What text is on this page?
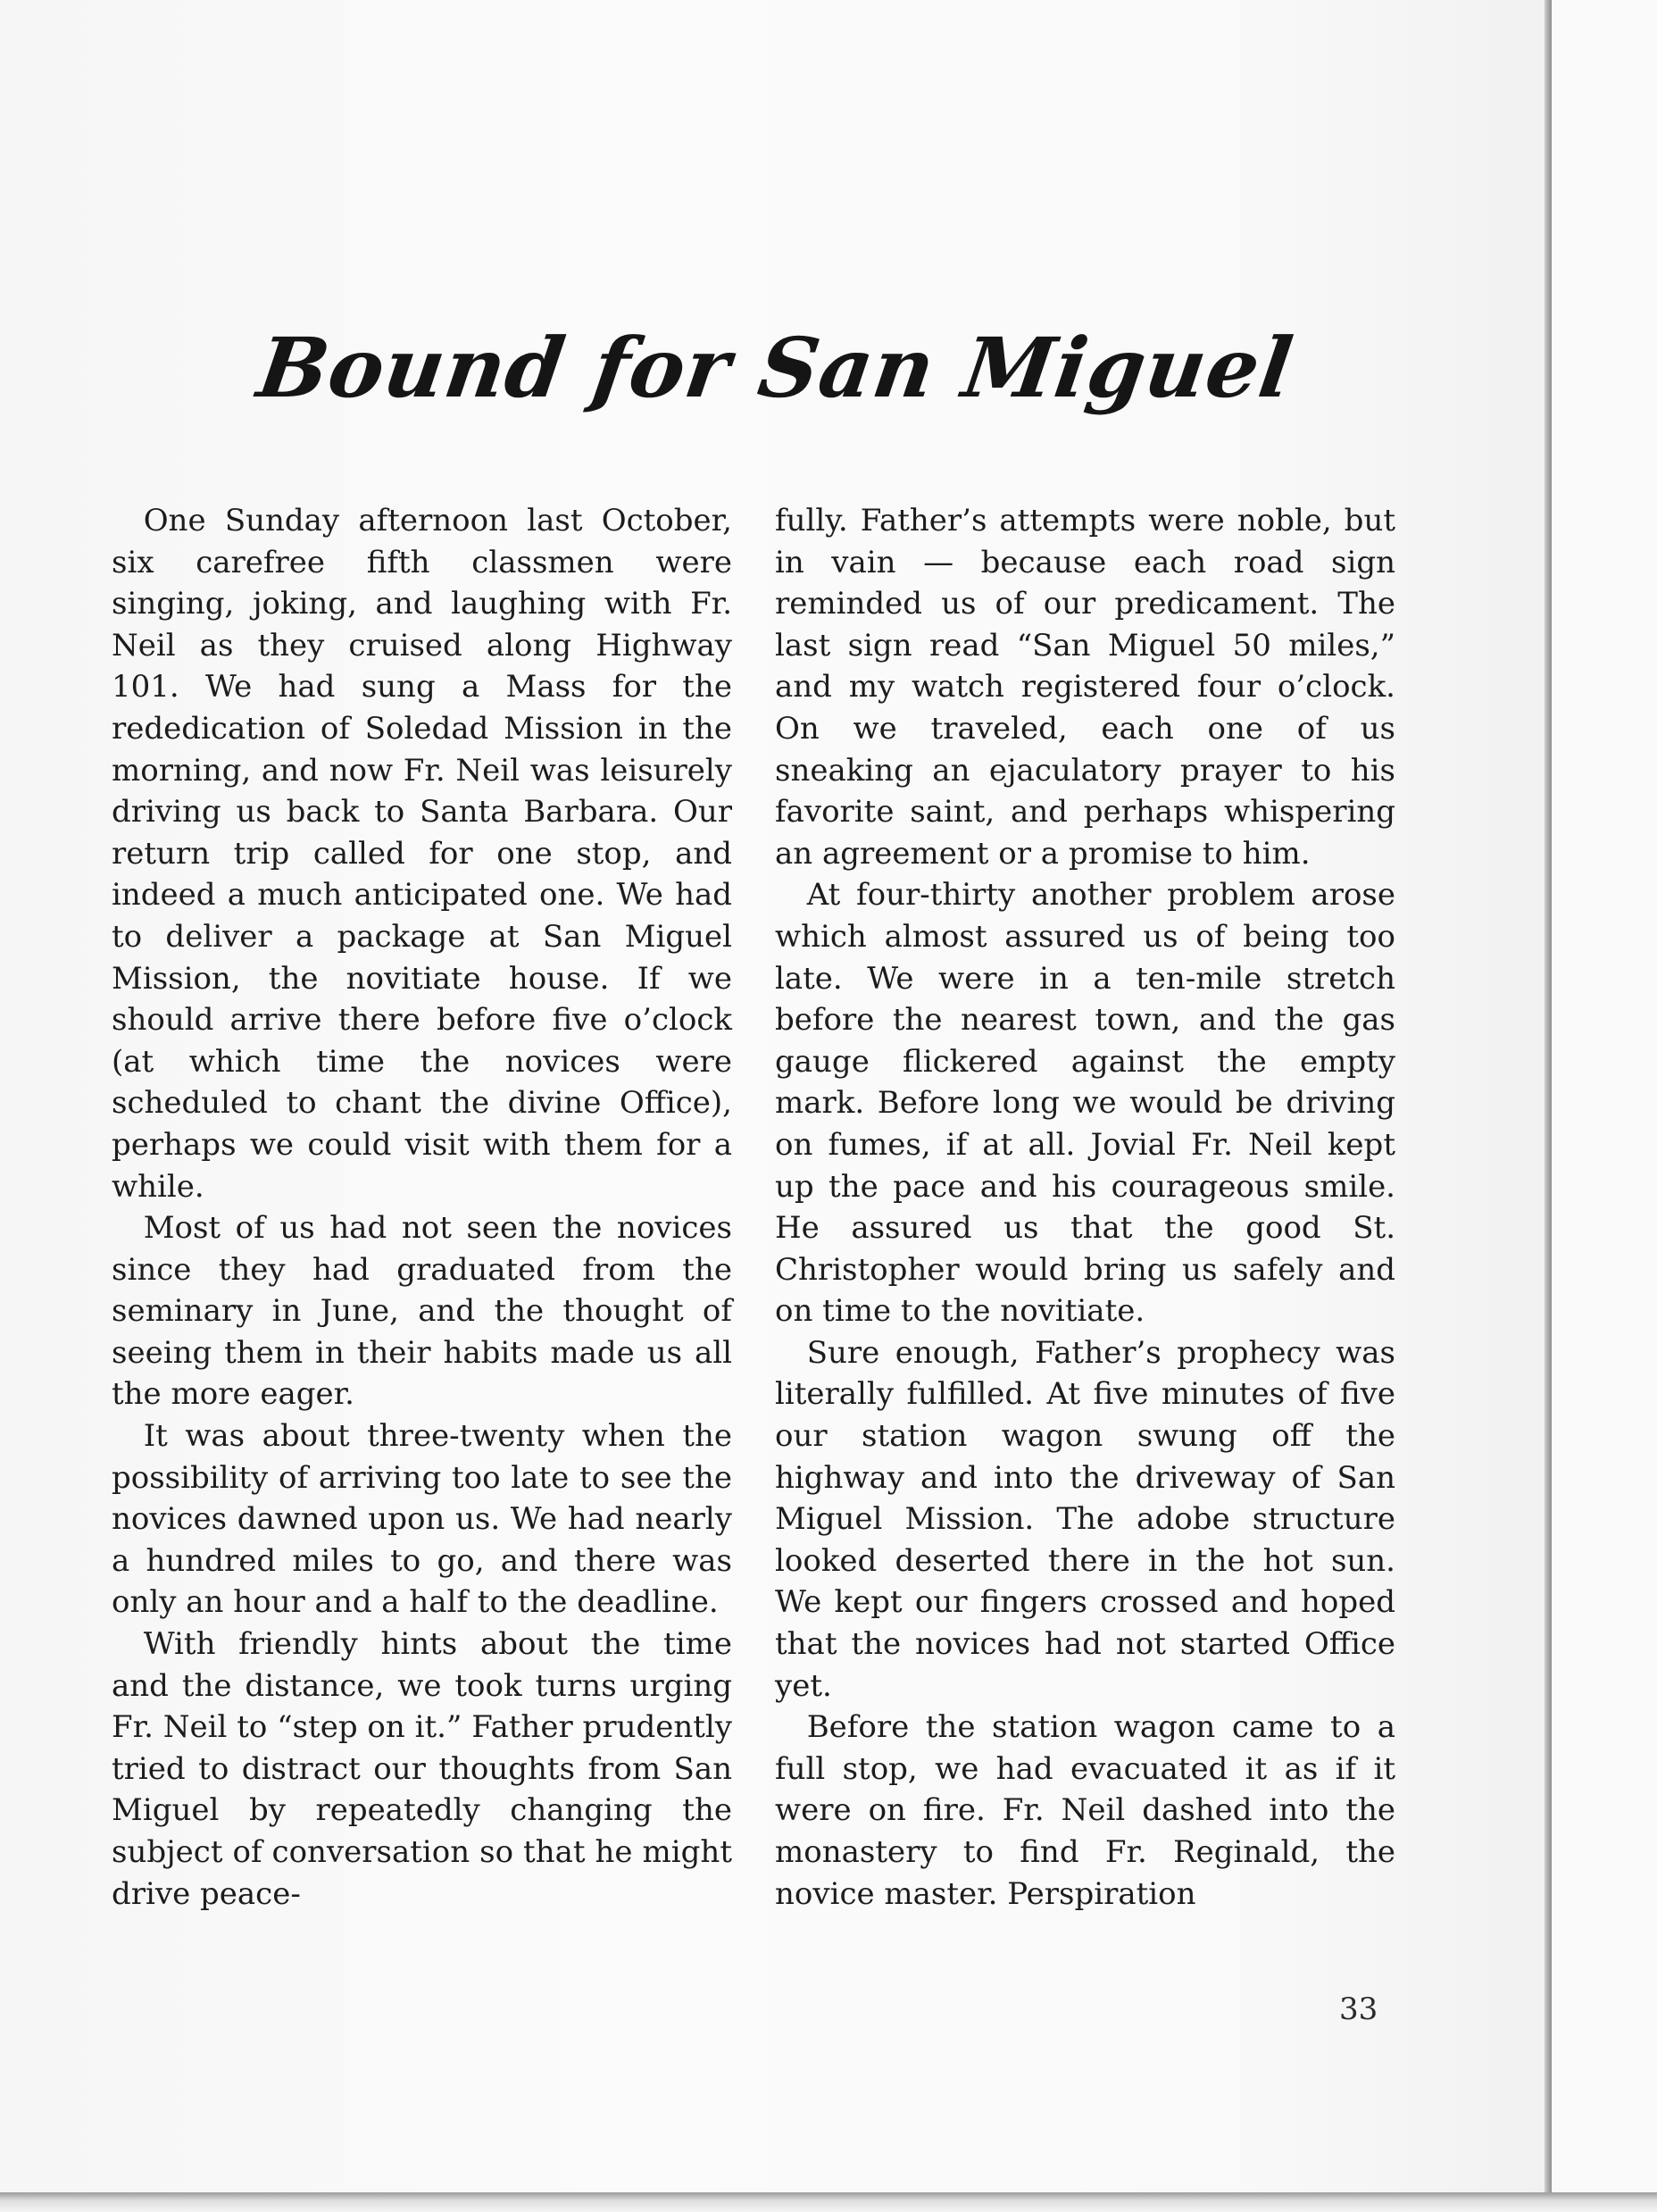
Bound for San Miguel

One Sunday afternoon last October, six carefree fifth classmen were singing, joking, and laughing with Fr. Neil as they cruised along Highway 101. We had sung a Mass for the rededication of Soledad Mission in the morning, and now Fr. Neil was leisurely driving us back to Santa Barbara. Our return trip called for one stop, and indeed a much anticipated one. We had to deliver a package at San Miguel Mission, the novitiate house. If we should arrive there before five o’clock (at which time the novices were scheduled to chant the divine Office), perhaps we could visit with them for a while.

Most of us had not seen the novices since they had graduated from the seminary in June, and the thought of seeing them in their habits made us all the more eager.

It was about three-twenty when the possibility of arriving too late to see the novices dawned upon us. We had nearly a hundred miles to go, and there was only an hour and a half to the deadline.

With friendly hints about the time and the distance, we took turns urging Fr. Neil to “step on it.” Father prudently tried to distract our thoughts from San Miguel by repeatedly changing the subject of conversation so that he might drive peace-

fully. Father’s attempts were noble, but in vain — because each road sign reminded us of our predicament. The last sign read “San Miguel 50 miles,” and my watch registered four o’clock. On we traveled, each one of us sneaking an ejaculatory prayer to his favorite saint, and perhaps whispering an agreement or a promise to him.

At four-thirty another problem arose which almost assured us of being too late. We were in a ten-mile stretch before the nearest town, and the gas gauge flickered against the empty mark. Before long we would be driving on fumes, if at all. Jovial Fr. Neil kept up the pace and his courageous smile. He assured us that the good St. Christopher would bring us safely and on time to the novitiate.

Sure enough, Father’s prophecy was literally fulfilled. At five minutes of five our station wagon swung off the highway and into the driveway of San Miguel Mission. The adobe structure looked deserted there in the hot sun. We kept our fingers crossed and hoped that the novices had not started Office yet.

Before the station wagon came to a full stop, we had evacuated it as if it were on fire. Fr. Neil dashed into the monastery to find Fr. Reginald, the novice master. Perspiration

33
